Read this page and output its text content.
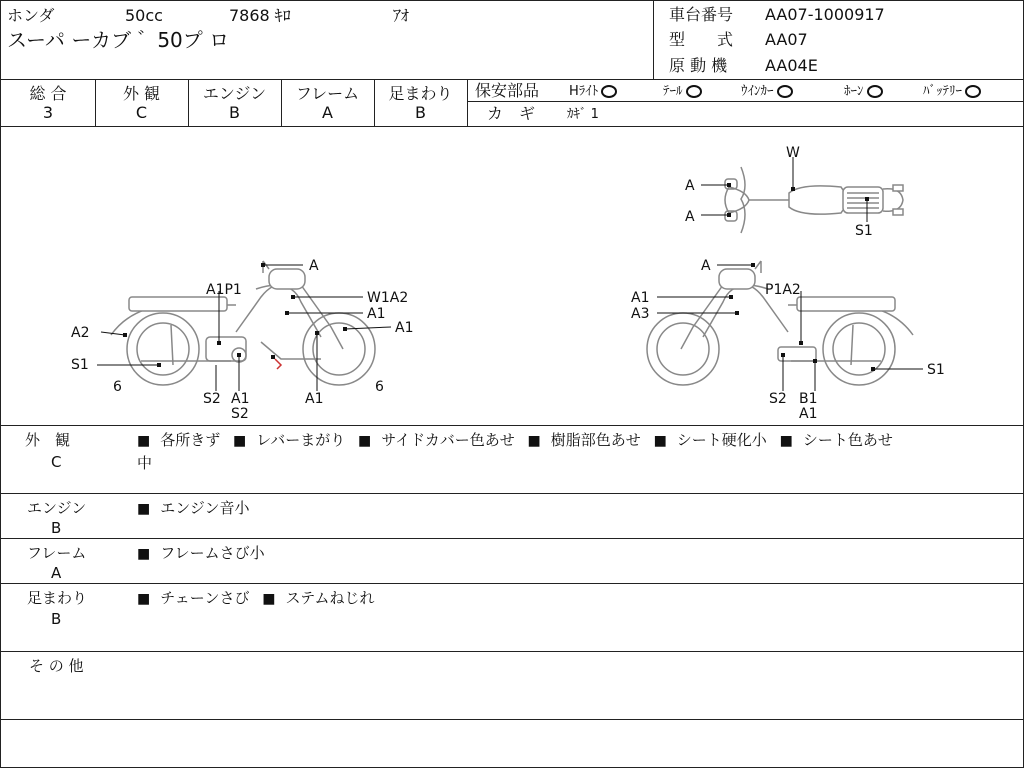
ホンダ	50cc	7868 ｷﾛ	ｱｵ
スーパ ーカブ ゛50プ ロ
車台番号 AA07-1000917
型　　式 AA07
原 動 機 AA04E
総 合	外 観	エンジン	フレーム	足まわり
3	C	B	A	B
保安部品 Hﾗｲﾄ	ﾃｰﾙ	ｳｲﾝｶｰ	ﾎｰﾝ	ﾊﾞｯﾃﾘｰ
カ　ギ ｶｷﾞ 1
W
A
A
S1
A
A1P1	W1A2
A1
A2	A1
S1
6
S2 A1
S2
A1
6
A
A1	P1A2
A3
S1
S2 B1
A1
外　観
C
■ 各所きず ■ レバーまがり ■ サイドカバー色あせ ■ 樹脂部色あせ ■ シート硬化小 ■ シート色あせ
中
エンジン
B
■ エンジン音小
フレーム
A
■ フレームさび小
足まわり
B
■ チェーンさび ■ ステムねじれ
そ の 他
